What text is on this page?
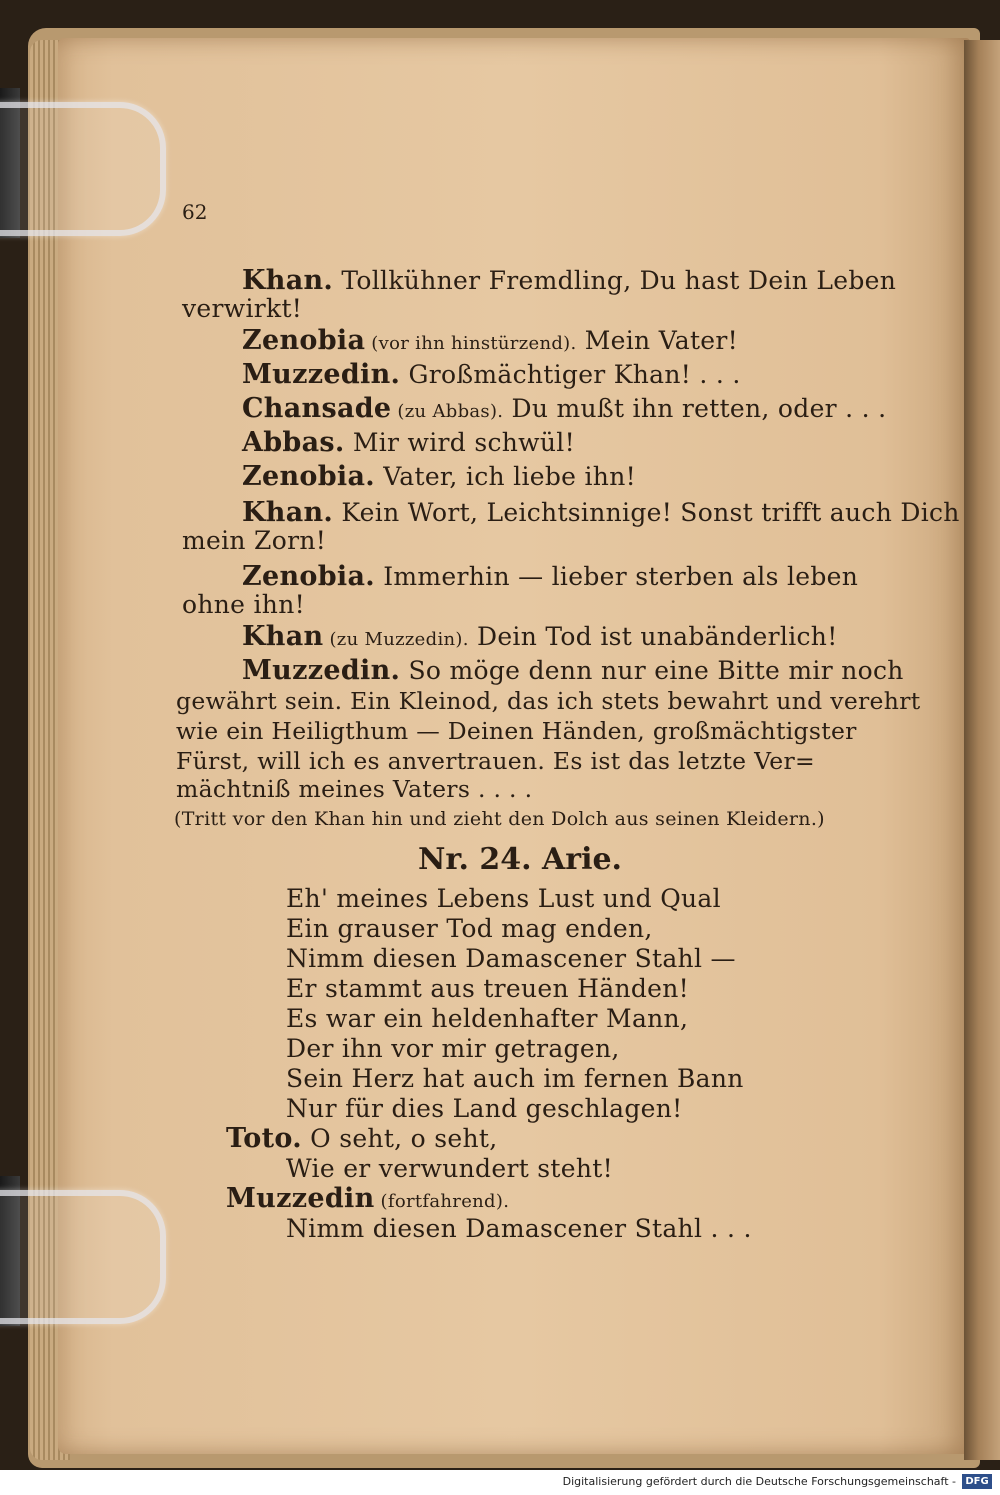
62
Khan. Tollkühner Fremdling, Du hast Dein Leben
verwirkt!
Zenobia (vor ihn hinstürzend). Mein Vater!
Muzzedin. Großmächtiger Khan! . . .
Chansade (zu Abbas). Du mußt ihn retten, oder . . .
Abbas. Mir wird schwül!
Zenobia. Vater, ich liebe ihn!
Khan. Kein Wort, Leichtsinnige! Sonst trifft auch Dich
mein Zorn!
Zenobia. Immerhin — lieber sterben als leben
ohne ihn!
Khan (zu Muzzedin). Dein Tod ist unabänderlich!
Muzzedin. So möge denn nur eine Bitte mir noch
gewährt sein. Ein Kleinod, das ich stets bewahrt und verehrt
wie ein Heiligthum — Deinen Händen, großmächtigster
Fürst, will ich es anvertrauen. Es ist das letzte Ver=
mächtniß meines Vaters . . . .
(Tritt vor den Khan hin und zieht den Dolch aus seinen Kleidern.)
Nr. 24. Arie.
Eh' meines Lebens Lust und Qual
Ein grauser Tod mag enden,
Nimm diesen Damascener Stahl —
Er stammt aus treuen Händen!
Es war ein heldenhafter Mann,
Der ihn vor mir getragen,
Sein Herz hat auch im fernen Bann
Nur für dies Land geschlagen!
Toto. O seht, o seht,
Wie er verwundert steht!
Muzzedin (fortfahrend).
Nimm diesen Damascener Stahl . . .
Digitalisierung gefördert durch die Deutsche Forschungsgemeinschaft - DFG
